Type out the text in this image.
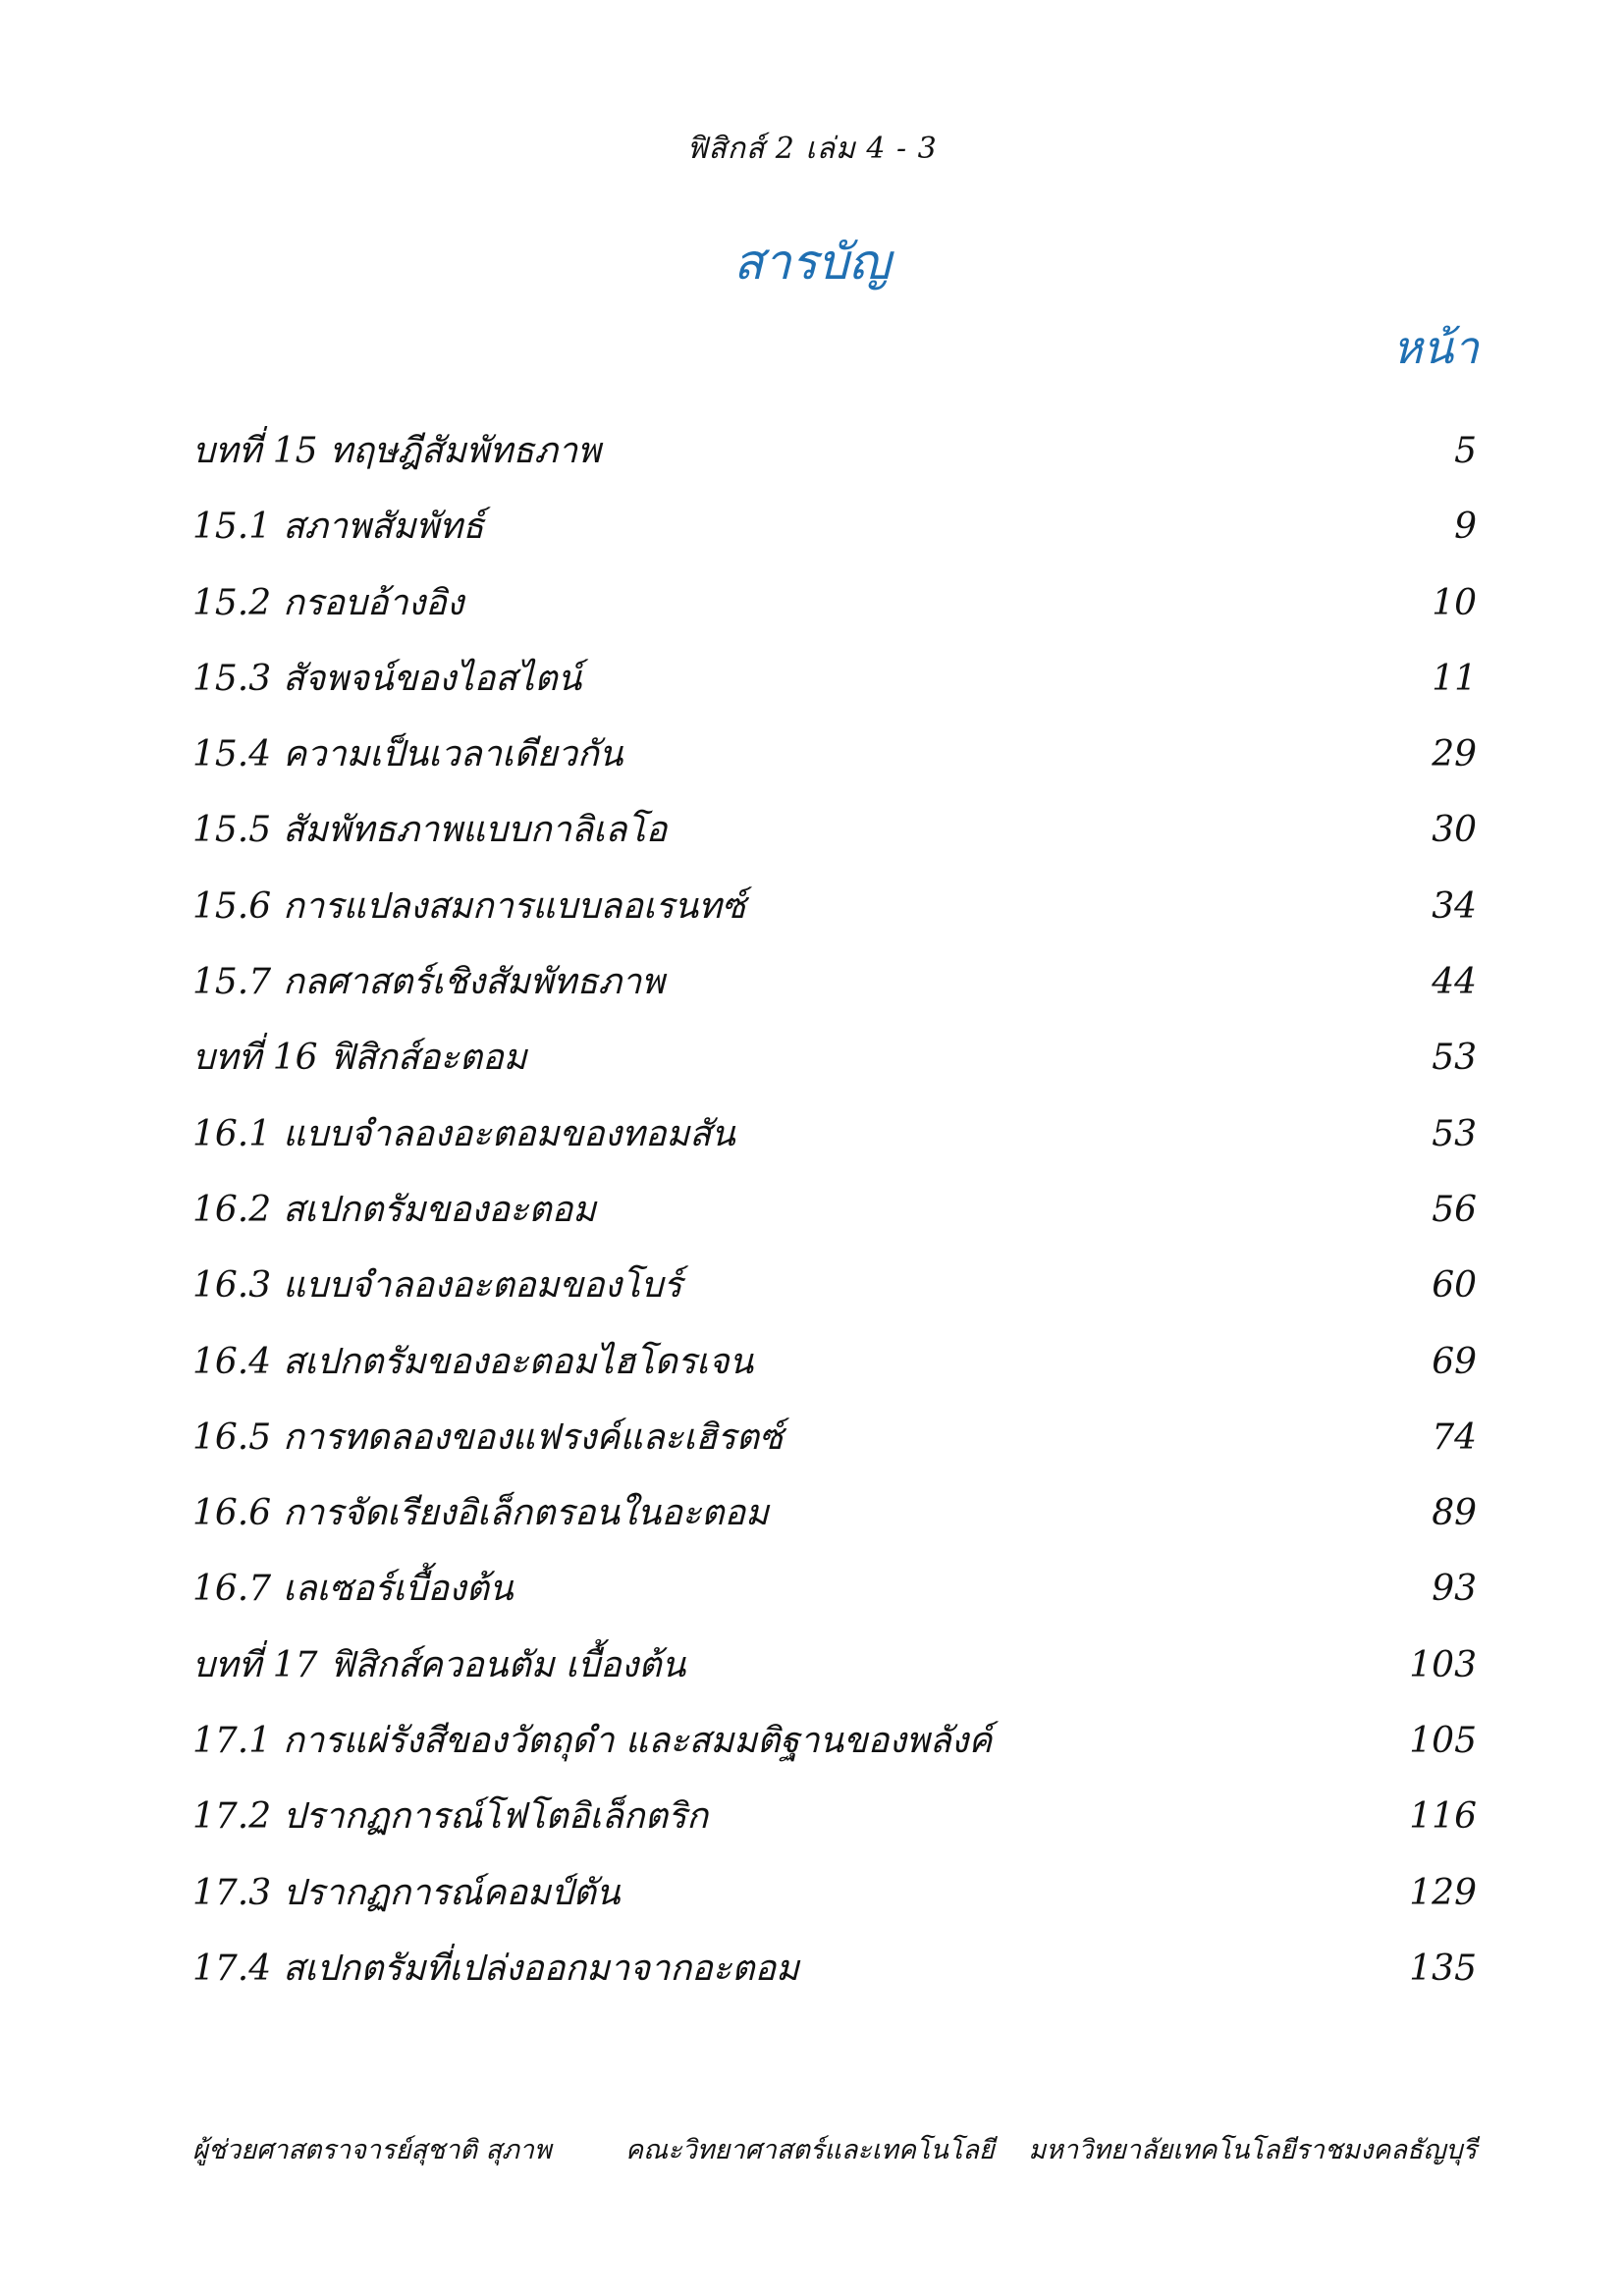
ฟิสิกส์ 2 เล่ม 4 - 3
สารบัญ
หน้า
บทที่ 15 ทฤษฎีสัมพัทธภาพ	5
15.1 สภาพสัมพัทธ์	9
15.2 กรอบอ้างอิง	10
15.3 สัจพจน์ของไอสไตน์	11
15.4 ความเป็นเวลาเดียวกัน	29
15.5 สัมพัทธภาพแบบกาลิเลโอ	30
15.6 การแปลงสมการแบบลอเรนทซ์	34
15.7 กลศาสตร์เชิงสัมพัทธภาพ	44
บทที่ 16 ฟิสิกส์อะตอม	53
16.1 แบบจำลองอะตอมของทอมสัน	53
16.2 สเปกตรัมของอะตอม	56
16.3 แบบจำลองอะตอมของโบร์	60
16.4 สเปกตรัมของอะตอมไฮโดรเจน	69
16.5 การทดลองของแฟรงค์และเฮิรตซ์	74
16.6 การจัดเรียงอิเล็กตรอนในอะตอม	89
16.7 เลเซอร์เบื้องต้น	93
บทที่ 17 ฟิสิกส์ควอนตัม เบื้องต้น	103
17.1 การแผ่รังสีของวัตถุดำ และสมมติฐานของพลังค์	105
17.2 ปรากฏการณ์โฟโตอิเล็กตริก	116
17.3 ปรากฏการณ์คอมป์ตัน	129
17.4 สเปกตรัมที่เปล่งออกมาจากอะตอม	135
ผู้ช่วยศาสตราจารย์สุชาติ สุภาพ	คณะวิทยาศาสตร์และเทคโนโลยี มหาวิทยาลัยเทคโนโลยีราชมงคลธัญบุรี
